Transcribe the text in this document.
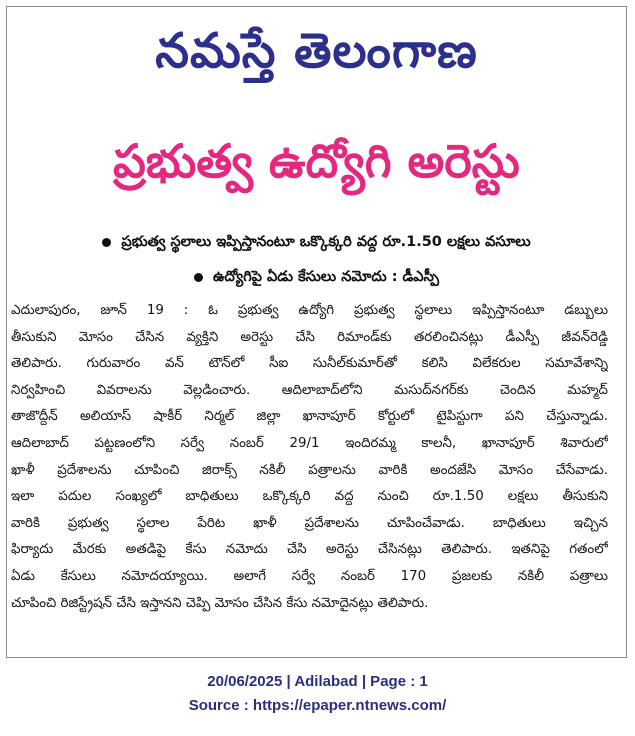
నమస్తే తెలంగాణ
ప్రభుత్వ ఉద్యోగి అరెస్టు
ప్రభుత్వ స్థలాలు ఇప్పిస్తానంటూ ఒక్కొక్కరి వద్ద రూ.1.50 లక్షలు వసూలు
ఉద్యోగిపై ఏడు కేసులు నమోదు : డీఎస్పీ
ఎదులాపురం, జూన్ 19 : ఓ ప్రభుత్వ ఉద్యోగి ప్రభుత్వ స్థలాలు ఇప్పిస్తానంటూ డబ్బులు
తీసుకుని మోసం చేసిన వ్యక్తిని అరెస్టు చేసి రిమాండ్‌కు తరలించినట్లు డీఎస్పీ జీవన్‌రెడ్డి
తెలిపారు. గురువారం వన్ టౌన్‌లో సీఐ సునీల్‌కుమార్‌తో కలిసి విలేకరుల సమావేశాన్ని
నిర్వహించి వివరాలను వెల్లడించారు. ఆదిలాబాద్‌లోని మసుద్‌నగర్‌కు చెందిన మహ్మద్
తాజొద్దీన్ అలియాస్ షాకీర్ నిర్మల్ జిల్లా ఖానాపూర్ కోర్టులో టైపిస్టుగా పని చేస్తున్నాడు.
ఆదిలాబాద్ పట్టణంలోని సర్వే నంబర్ 29/1 ఇందిరమ్మ కాలనీ, ఖానాపూర్ శివారులో
ఖాళీ ప్రదేశాలను చూపించి జిరాక్స్ నకిలీ పత్రాలను వారికి అందజేసి మోసం చేసేవాడు.
ఇలా పదుల సంఖ్యలో బాధితులు ఒక్కొక్కరి వద్ద నుంచి రూ.1.50 లక్షలు తీసుకుని
వారికి ప్రభుత్వ స్థలాల పేరిట ఖాళీ ప్రదేశాలను చూపించేవాడు. బాధితులు ఇచ్చిన
ఫిర్యాదు మేరకు అతడిపై కేసు నమోదు చేసి అరెస్టు చేసినట్లు తెలిపారు. ఇతనిపై గతంలో
ఏడు కేసులు నమోదయ్యాయి. అలాగే సర్వే నంబర్ 170 ప్రజలకు నకిలీ పత్రాలు
చూపించి రిజిస్ట్రేషన్ చేసి ఇస్తానని చెప్పి మోసం చేసిన కేసు నమోదైనట్లు తెలిపారు.
20/06/2025 | Adilabad | Page : 1
Source : https://epaper.ntnews.com/
